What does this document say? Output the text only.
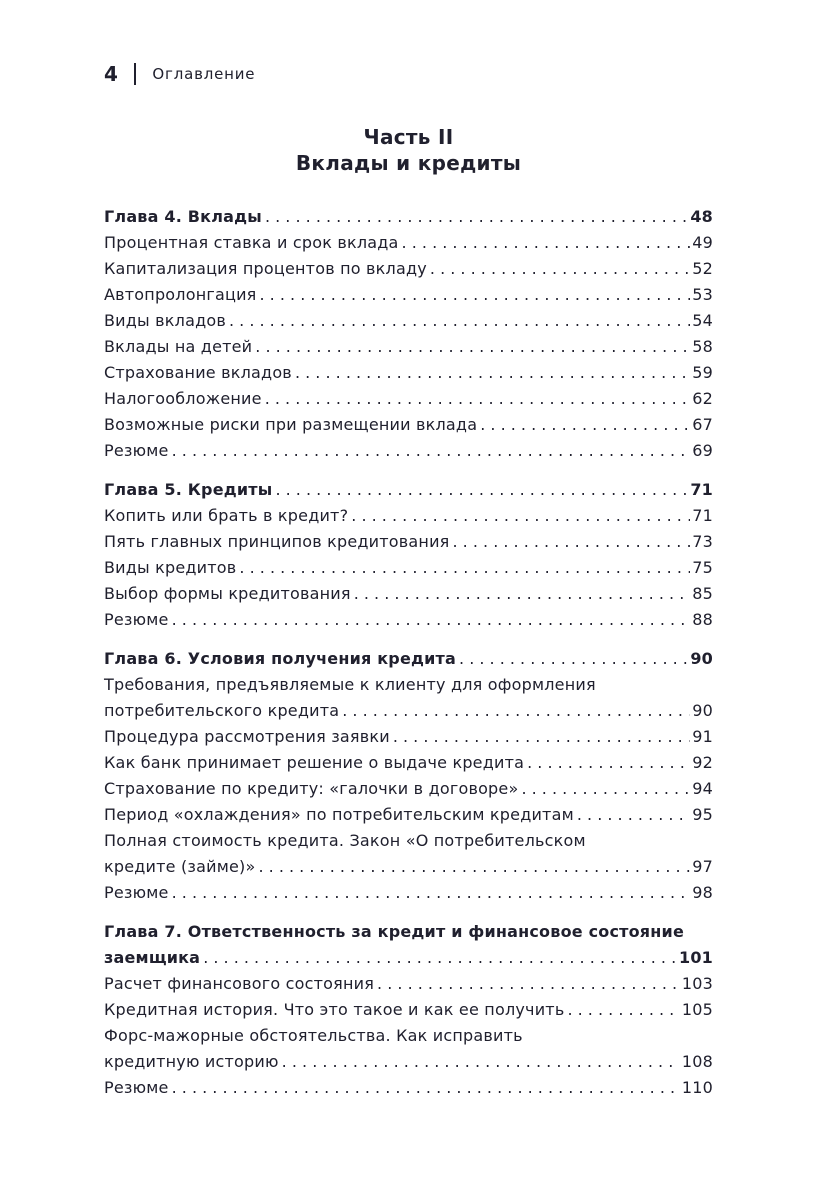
4 Оглавление
Часть II
Вклады и кредиты
Глава 4. Вклады . . .	48
Процентная ставка и срок вклада . . .	49
Капитализация процентов по вкладу . . .	52
Автопролонгация . . .	53
Виды вкладов . . .	54
Вклады на детей . . .	58
Страхование вкладов . . .	59
Налогообложение . . .	62
Возможные риски при размещении вклада . . .	67
Резюме . . .	69
Глава 5. Кредиты . . .	71
Копить или брать в кредит? . . .	71
Пять главных принципов кредитования . . .	73
Виды кредитов . . .	75
Выбор формы кредитования . . .	85
Резюме . . .	88
Глава 6. Условия получения кредита . . .	90
Требования, предъявляемые к клиенту для оформления
потребительского кредита . . .	90
Процедура рассмотрения заявки . . .	91
Как банк принимает решение о выдаче кредита . . .	92
Страхование по кредиту: «галочки в договоре» . . .	94
Период «охлаждения» по потребительским кредитам . . .	95
Полная стоимость кредита. Закон «О потребительском
кредите (займе)» . . .	97
Резюме . . .	98
Глава 7. Ответственность за кредит и финансовое состояние
заемщика . . .	101
Расчет финансового состояния . . .	103
Кредитная история. Что это такое и как ее получить . . .	105
Форс-мажорные обстоятельства. Как исправить
кредитную историю . . .	108
Резюме . . .	110
